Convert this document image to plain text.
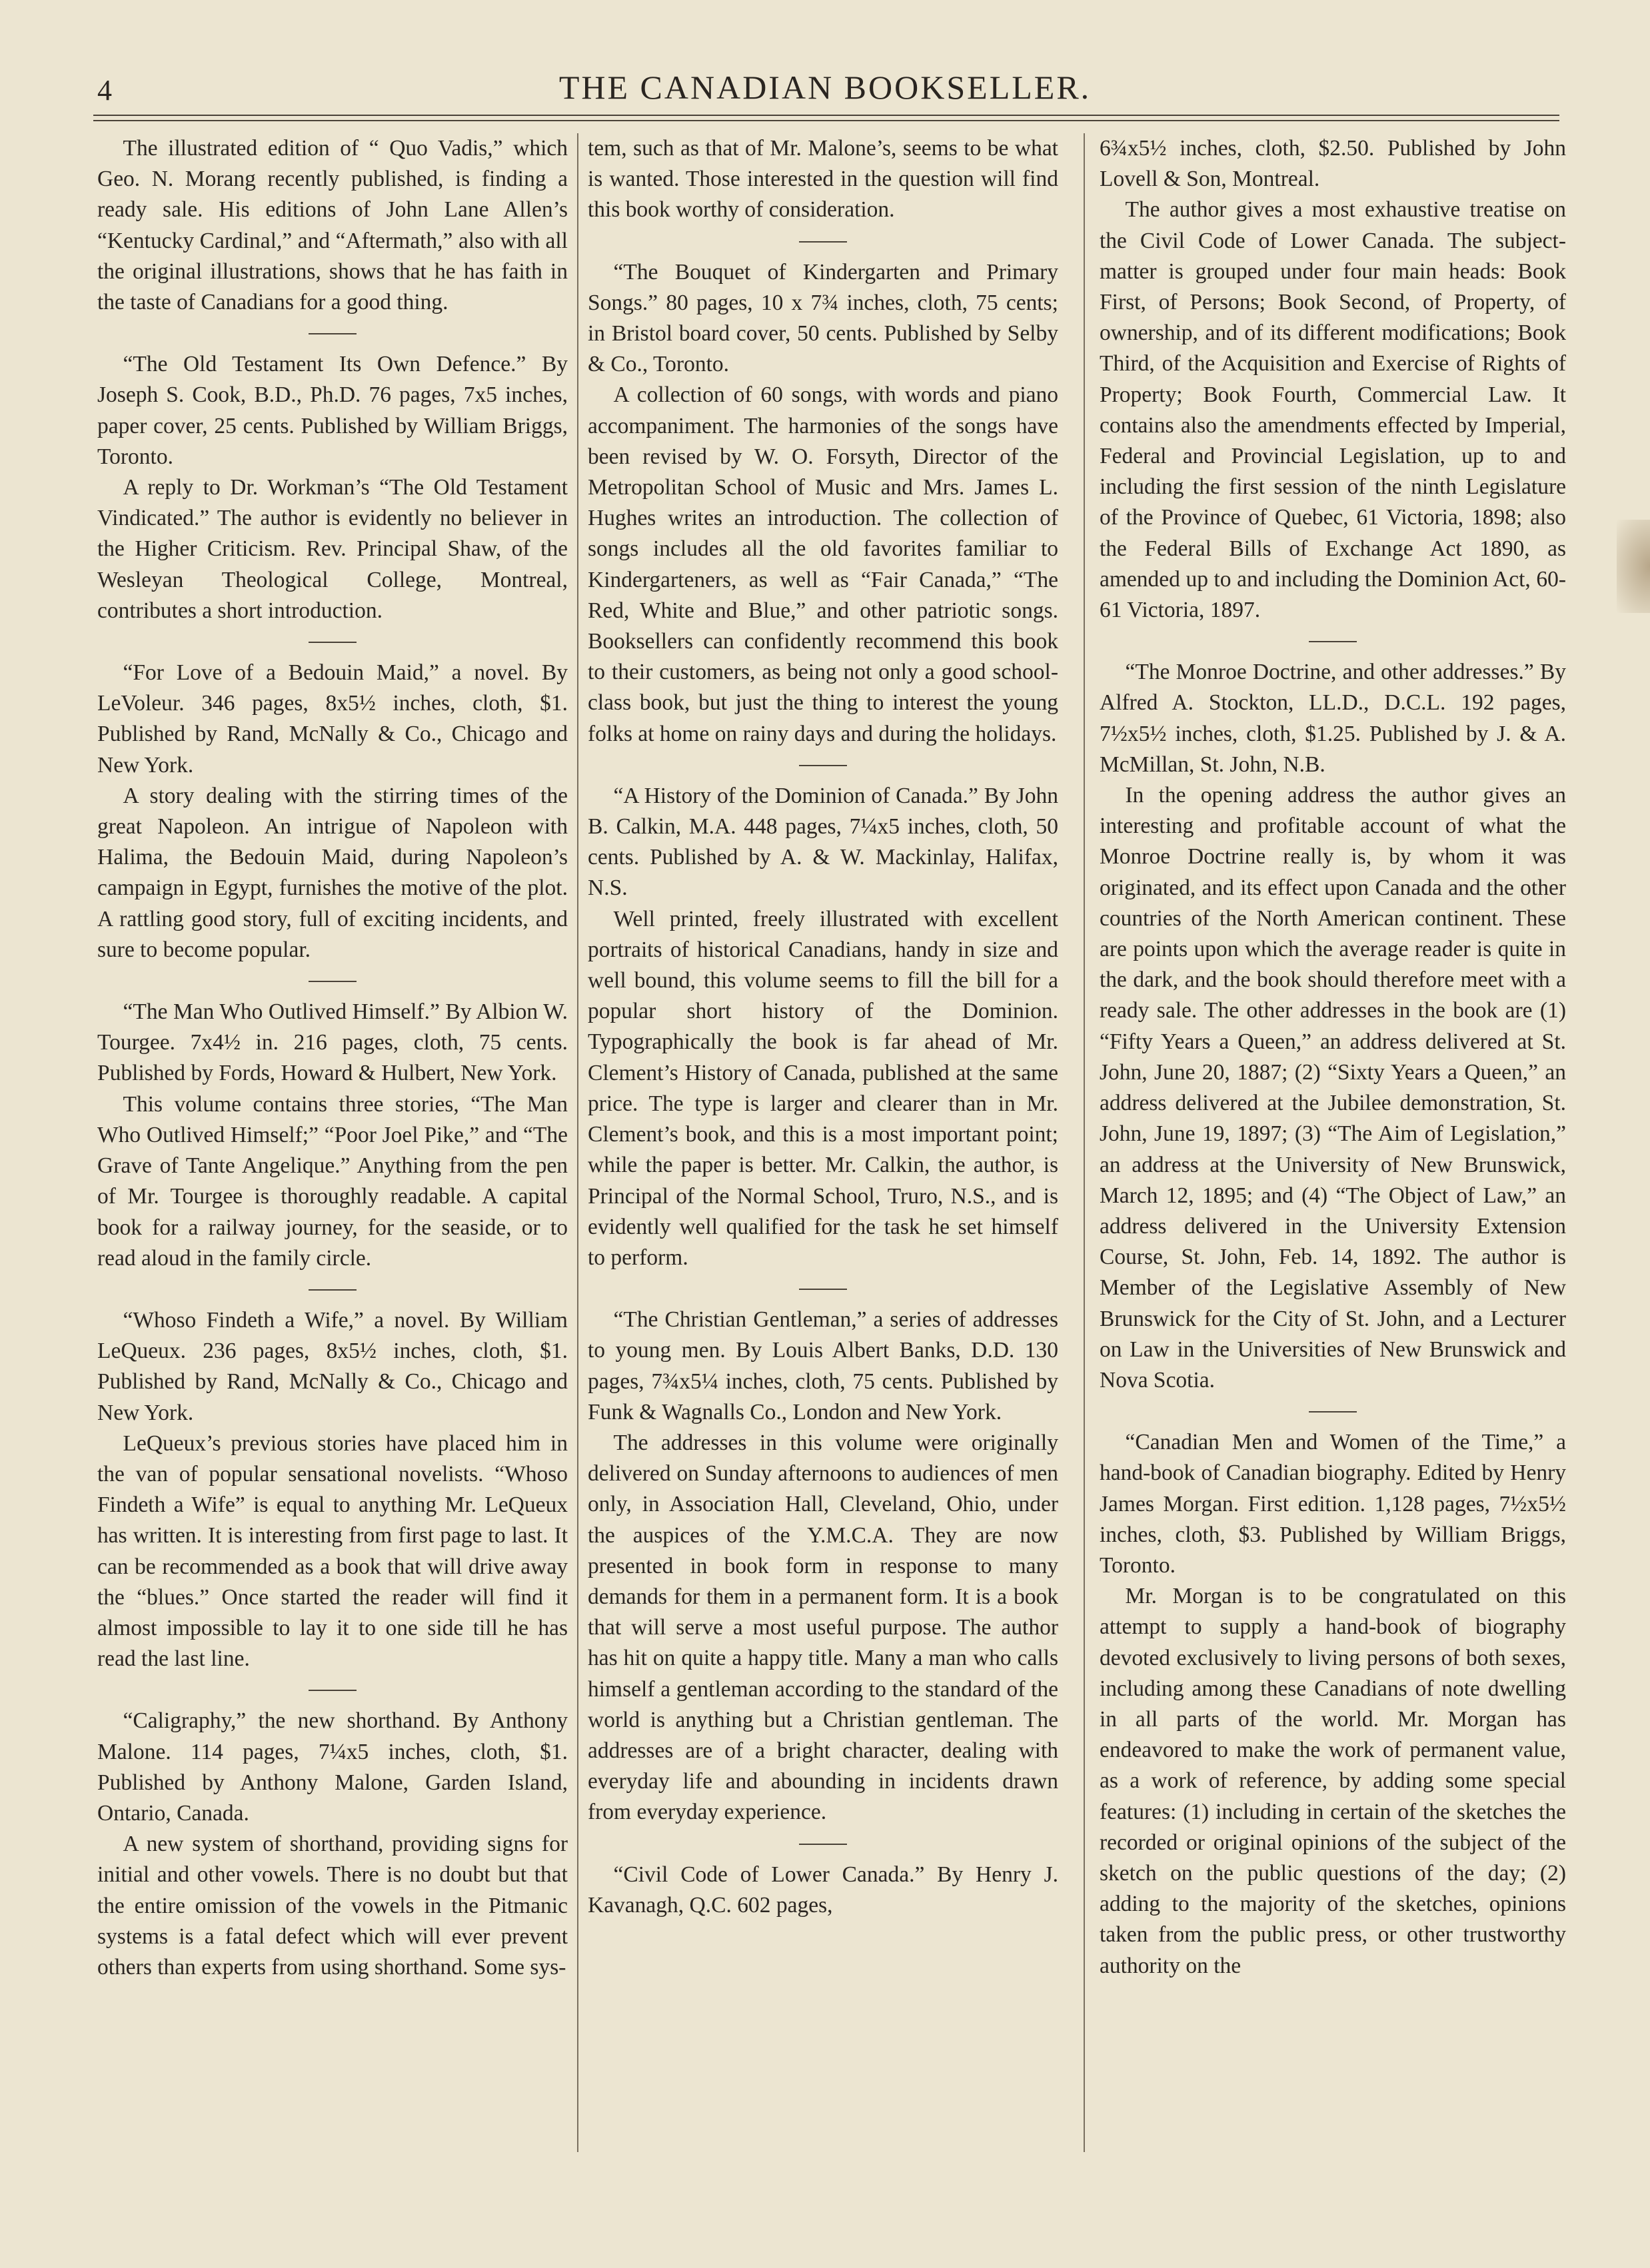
4	THE CANADIAN BOOKSELLER.

The illustrated edition of “ Quo Vadis,” which Geo. N. Morang recently published, is finding a ready sale. His editions of John Lane Allen’s “Kentucky Cardinal,” and “Aftermath,” also with all the original illustrations, shows that he has faith in the taste of Canadians for a good thing.

“The Old Testament Its Own Defence.” By Joseph S. Cook, B.D., Ph.D. 76 pages, 7x5 inches, paper cover, 25 cents. Published by William Briggs, Toronto.

A reply to Dr. Workman’s “The Old Testament Vindicated.” The author is evidently no believer in the Higher Criticism. Rev. Principal Shaw, of the Wesleyan Theological College, Montreal, contributes a short introduction.

“For Love of a Bedouin Maid,” a novel. By LeVoleur. 346 pages, 8x5½ inches, cloth, $1. Published by Rand, McNally & Co., Chicago and New York.

A story dealing with the stirring times of the great Napoleon. An intrigue of Napoleon with Halima, the Bedouin Maid, during Napoleon’s campaign in Egypt, furnishes the motive of the plot. A rattling good story, full of exciting incidents, and sure to become popular.

“The Man Who Outlived Himself.” By Albion W. Tourgee. 7x4½ in. 216 pages, cloth, 75 cents. Published by Fords, Howard & Hulbert, New York.

This volume contains three stories, “The Man Who Outlived Himself;” “Poor Joel Pike,” and “The Grave of Tante Angelique.” Anything from the pen of Mr. Tourgee is thoroughly readable. A capital book for a railway journey, for the seaside, or to read aloud in the family circle.

“Whoso Findeth a Wife,” a novel. By William LeQueux. 236 pages, 8x5½ inches, cloth, $1. Published by Rand, McNally & Co., Chicago and New York.

LeQueux’s previous stories have placed him in the van of popular sensational novelists. “Whoso Findeth a Wife” is equal to anything Mr. LeQueux has written. It is interesting from first page to last. It can be recommended as a book that will drive away the “blues.” Once started the reader will find it almost impossible to lay it to one side till he has read the last line.

“Caligraphy,” the new shorthand. By Anthony Malone. 114 pages, 7¼x5 inches, cloth, $1. Published by Anthony Malone, Garden Island, Ontario, Canada.

A new system of shorthand, providing signs for initial and other vowels. There is no doubt but that the entire omission of the vowels in the Pitmanic systems is a fatal defect which will ever prevent others than experts from using shorthand. Some sys-

tem, such as that of Mr. Malone’s, seems to be what is wanted. Those interested in the question will find this book worthy of consideration.

“The Bouquet of Kindergarten and Primary Songs.” 80 pages, 10 x 7¾ inches, cloth, 75 cents; in Bristol board cover, 50 cents. Published by Selby & Co., Toronto.

A collection of 60 songs, with words and piano accompaniment. The harmonies of the songs have been revised by W. O. Forsyth, Director of the Metropolitan School of Music and Mrs. James L. Hughes writes an introduction. The collection of songs includes all the old favorites familiar to Kindergarteners, as well as “Fair Canada,” “The Red, White and Blue,” and other patriotic songs. Booksellers can confidently recommend this book to their customers, as being not only a good school-class book, but just the thing to interest the young folks at home on rainy days and during the holidays.

“A History of the Dominion of Canada.” By John B. Calkin, M.A. 448 pages, 7¼x5 inches, cloth, 50 cents. Published by A. & W. Mackinlay, Halifax, N.S.

Well printed, freely illustrated with excellent portraits of historical Canadians, handy in size and well bound, this volume seems to fill the bill for a popular short history of the Dominion. Typographically the book is far ahead of Mr. Clement’s History of Canada, published at the same price. The type is larger and clearer than in Mr. Clement’s book, and this is a most important point; while the paper is better. Mr. Calkin, the author, is Principal of the Normal School, Truro, N.S., and is evidently well qualified for the task he set himself to perform.

“The Christian Gentleman,” a series of addresses to young men. By Louis Albert Banks, D.D. 130 pages, 7¾x5¼ inches, cloth, 75 cents. Published by Funk & Wagnalls Co., London and New York.

The addresses in this volume were originally delivered on Sunday afternoons to audiences of men only, in Association Hall, Cleveland, Ohio, under the auspices of the Y.M.C.A. They are now presented in book form in response to many demands for them in a permanent form. It is a book that will serve a most useful purpose. The author has hit on quite a happy title. Many a man who calls himself a gentleman according to the standard of the world is anything but a Christian gentleman. The addresses are of a bright character, dealing with everyday life and abounding in incidents drawn from everyday experience.

“Civil Code of Lower Canada.” By Henry J. Kavanagh, Q.C. 602 pages,

6¾x5½ inches, cloth, $2.50. Published by John Lovell & Son, Montreal.

The author gives a most exhaustive treatise on the Civil Code of Lower Canada. The subject-matter is grouped under four main heads: Book First, of Persons; Book Second, of Property, of ownership, and of its different modifications; Book Third, of the Acquisition and Exercise of Rights of Property; Book Fourth, Commercial Law. It contains also the amendments effected by Imperial, Federal and Provincial Legislation, up to and including the first session of the ninth Legislature of the Province of Quebec, 61 Victoria, 1898; also the Federal Bills of Exchange Act 1890, as amended up to and including the Dominion Act, 60-61 Victoria, 1897.

“The Monroe Doctrine, and other addresses.” By Alfred A. Stockton, LL.D., D.C.L. 192 pages, 7½x5½ inches, cloth, $1.25. Published by J. & A. McMillan, St. John, N.B.

In the opening address the author gives an interesting and profitable account of what the Monroe Doctrine really is, by whom it was originated, and its effect upon Canada and the other countries of the North American continent. These are points upon which the average reader is quite in the dark, and the book should therefore meet with a ready sale. The other addresses in the book are (1) “Fifty Years a Queen,” an address delivered at St. John, June 20, 1887; (2) “Sixty Years a Queen,” an address delivered at the Jubilee demonstration, St. John, June 19, 1897; (3) “The Aim of Legislation,” an address at the University of New Brunswick, March 12, 1895; and (4) “The Object of Law,” an address delivered in the University Extension Course, St. John, Feb. 14, 1892. The author is Member of the Legislative Assembly of New Brunswick for the City of St. John, and a Lecturer on Law in the Universities of New Brunswick and Nova Scotia.

“Canadian Men and Women of the Time,” a hand-book of Canadian biography. Edited by Henry James Morgan. First edition. 1,128 pages, 7½x5½ inches, cloth, $3. Published by William Briggs, Toronto.

Mr. Morgan is to be congratulated on this attempt to supply a hand-book of biography devoted exclusively to living persons of both sexes, including among these Canadians of note dwelling in all parts of the world. Mr. Morgan has endeavored to make the work of permanent value, as a work of reference, by adding some special features: (1) including in certain of the sketches the recorded or original opinions of the subject of the sketch on the public questions of the day; (2) adding to the majority of the sketches, opinions taken from the public press, or other trustworthy authority on the
